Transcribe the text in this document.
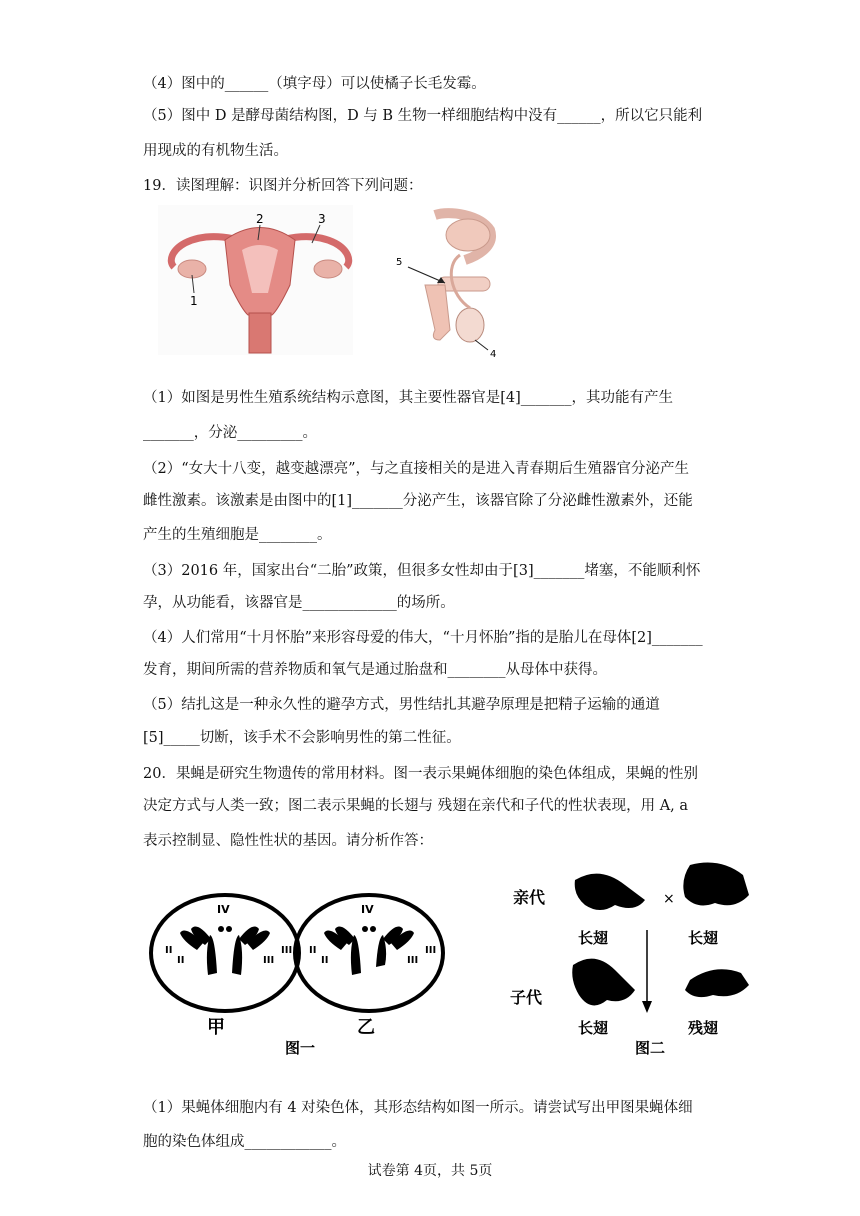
（4）图中的______（填字母）可以使橘子长毛发霉。
（5）图中 D 是酵母菌结构图，D 与 B 生物一样细胞结构中没有______，所以它只能利
用现成的有机物生活。
19．读图理解：识图并分析回答下列问题：
2	3
1
5
4
（1）如图是男性生殖系统结构示意图，其主要性器官是[4]_______，其功能有产生
_______，分泌_________。
（2）“女大十八变，越变越漂亮”，与之直接相关的是进入青春期后生殖器官分泌产生
雌性激素。该激素是由图中的[1]_______分泌产生，该器官除了分泌雌性激素外，还能
产生的生殖细胞是________。
（3）2016 年，国家出台“二胎”政策，但很多女性却由于[3]_______堵塞，不能顺利怀
孕，从功能看，该器官是_____________的场所。
（4）人们常用“十月怀胎”来形容母爱的伟大，“十月怀胎”指的是胎儿在母体[2]_______
发育，期间所需的营养物质和氧气是通过胎盘和________从母体中获得。
（5）结扎这是一种永久性的避孕方式，男性结扎其避孕原理是把精子运输的通道
[5]_____切断，该手术不会影响男性的第二性征。
20．果蝇是研究生物遗传的常用材料。图一表示果蝇体细胞的染色体组成，果蝇的性别
决定方式与人类一致；图二表示果蝇的长翅与 残翅在亲代和子代的性状表现，用 A, a
表示控制显、隐性性状的基因。请分析作答：
IV
II
II	III
III
甲
IV
II
II	III
III
乙
图一
亲代
子代
长翅
×
长翅
长翅	残翅
图二
（1）果蝇体细胞内有 4 对染色体，其形态结构如图一所示。请尝试写出甲图果蝇体细
胞的染色体组成____________。
试卷第 4页，共 5页
